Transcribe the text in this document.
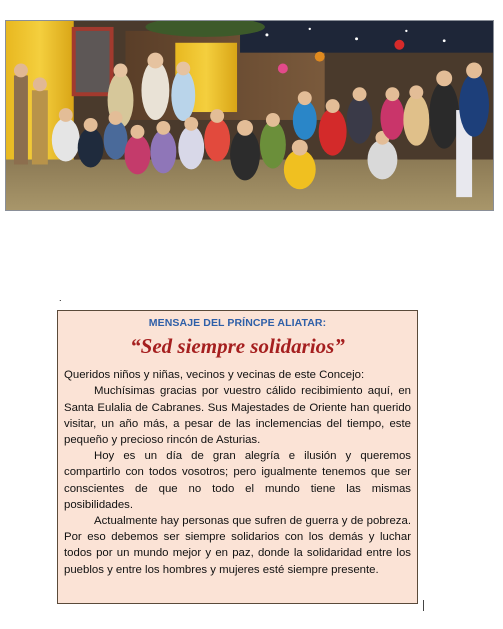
.
MENSAJE DEL PRÍNCPE ALIATAR:
“Sed siempre solidarios”

Queridos niños y niñas, vecinos y vecinas de este Concejo:

Muchísimas gracias por vuestro cálido recibimiento aquí, en Santa Eulalia de Cabranes. Sus Majestades de Oriente han querido visitar, un año más, a pesar de las inclemencias del tiempo, este pequeño y precioso rincón de Asturias.

Hoy es un día de gran alegría e ilusión y queremos compartirlo con todos vosotros; pero igualmente tenemos que ser conscientes de que no todo el mundo tiene las mismas posibilidades.

Actualmente hay personas que sufren de guerra y de pobreza. Por eso debemos ser siempre solidarios con los demás y luchar todos por un mundo mejor y en paz, donde la solidaridad entre los pueblos y entre los hombres y mujeres esté siempre presente.
